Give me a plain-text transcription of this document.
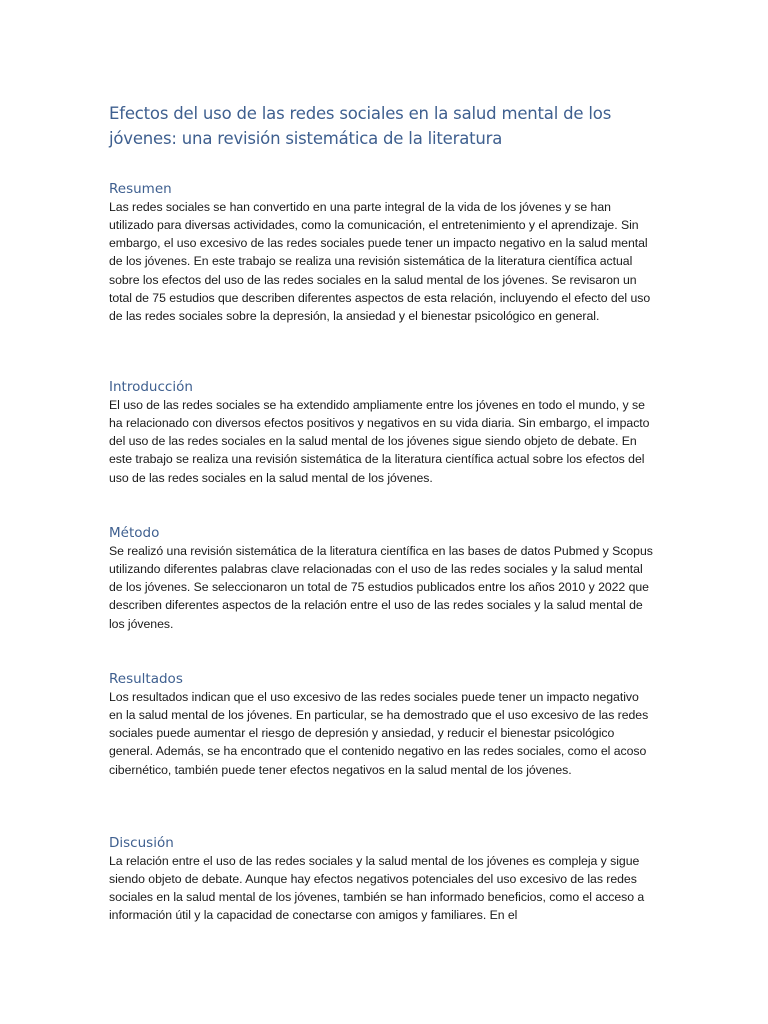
Efectos del uso de las redes sociales en la salud mental de los jóvenes: una revisión sistemática de la literatura
Resumen

Las redes sociales se han convertido en una parte integral de la vida de los jóvenes y se han utilizado para diversas actividades, como la comunicación, el entretenimiento y el aprendizaje. Sin embargo, el uso excesivo de las redes sociales puede tener un impacto negativo en la salud mental de los jóvenes. En este trabajo se realiza una revisión sistemática de la literatura científica actual sobre los efectos del uso de las redes sociales en la salud mental de los jóvenes. Se revisaron un total de 75 estudios que describen diferentes aspectos de esta relación, incluyendo el efecto del uso de las redes sociales sobre la depresión, la ansiedad y el bienestar psicológico en general.

Introducción

El uso de las redes sociales se ha extendido ampliamente entre los jóvenes en todo el mundo, y se ha relacionado con diversos efectos positivos y negativos en su vida diaria. Sin embargo, el impacto del uso de las redes sociales en la salud mental de los jóvenes sigue siendo objeto de debate. En este trabajo se realiza una revisión sistemática de la literatura científica actual sobre los efectos del uso de las redes sociales en la salud mental de los jóvenes.

Método

Se realizó una revisión sistemática de la literatura científica en las bases de datos Pubmed y Scopus utilizando diferentes palabras clave relacionadas con el uso de las redes sociales y la salud mental de los jóvenes. Se seleccionaron un total de 75 estudios publicados entre los años 2010 y 2022 que describen diferentes aspectos de la relación entre el uso de las redes sociales y la salud mental de los jóvenes.

Resultados

Los resultados indican que el uso excesivo de las redes sociales puede tener un impacto negativo en la salud mental de los jóvenes. En particular, se ha demostrado que el uso excesivo de las redes sociales puede aumentar el riesgo de depresión y ansiedad, y reducir el bienestar psicológico general. Además, se ha encontrado que el contenido negativo en las redes sociales, como el acoso cibernético, también puede tener efectos negativos en la salud mental de los jóvenes.

Discusión

La relación entre el uso de las redes sociales y la salud mental de los jóvenes es compleja y sigue siendo objeto de debate. Aunque hay efectos negativos potenciales del uso excesivo de las redes sociales en la salud mental de los jóvenes, también se han informado beneficios, como el acceso a información útil y la capacidad de conectarse con amigos y familiares. En el
